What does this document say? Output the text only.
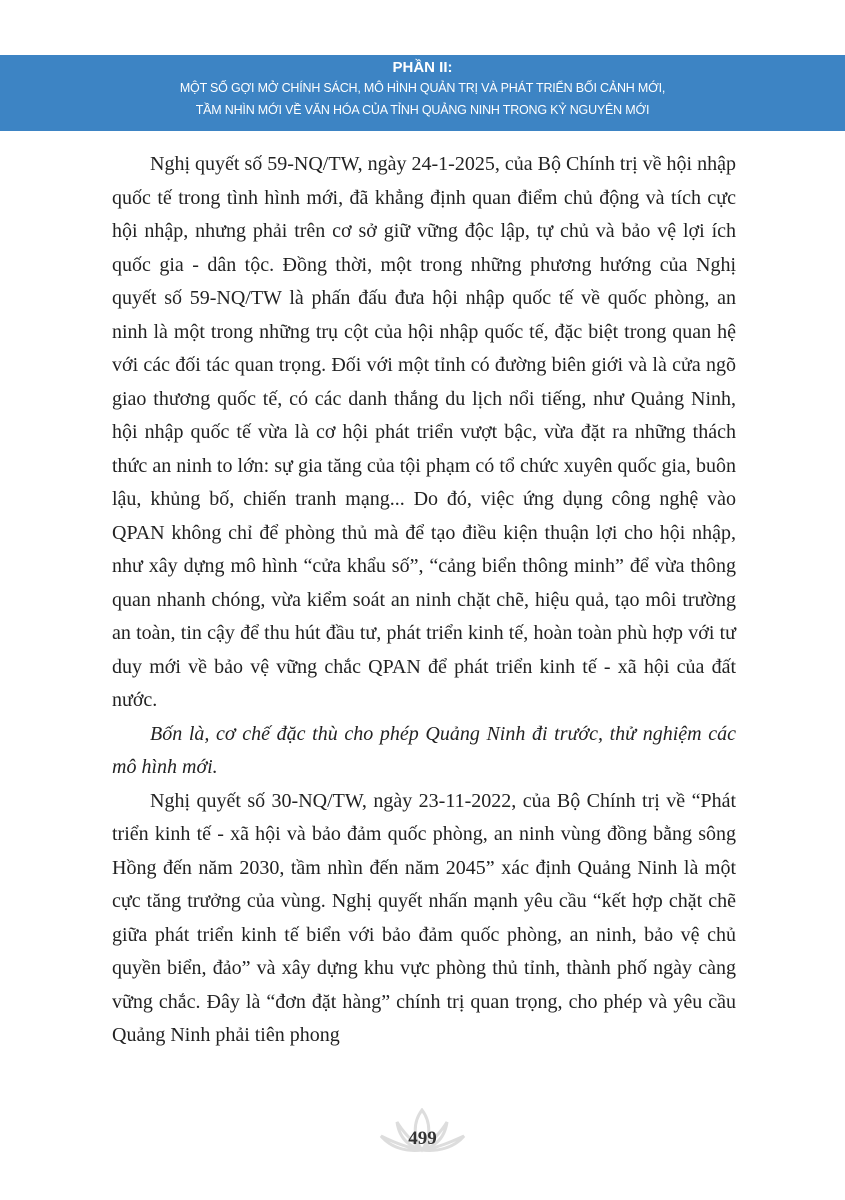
PHẦN II:
MỘT SỐ GỢI MỞ CHÍNH SÁCH, MÔ HÌNH QUẢN TRỊ VÀ PHÁT TRIỂN BỐI CẢNH MỚI,
TẦM NHÌN MỚI VỀ VĂN HÓA CỦA TỈNH QUẢNG NINH TRONG KỶ NGUYÊN MỚI

Nghị quyết số 59-NQ/TW, ngày 24-1-2025, của Bộ Chính trị về hội nhập quốc tế trong tình hình mới, đã khẳng định quan điểm chủ động và tích cực hội nhập, nhưng phải trên cơ sở giữ vững độc lập, tự chủ và bảo vệ lợi ích quốc gia - dân tộc. Đồng thời, một trong những phương hướng của Nghị quyết số 59-NQ/TW là phấn đấu đưa hội nhập quốc tế về quốc phòng, an ninh là một trong những trụ cột của hội nhập quốc tế, đặc biệt trong quan hệ với các đối tác quan trọng. Đối với một tỉnh có đường biên giới và là cửa ngõ giao thương quốc tế, có các danh thắng du lịch nổi tiếng, như Quảng Ninh, hội nhập quốc tế vừa là cơ hội phát triển vượt bậc, vừa đặt ra những thách thức an ninh to lớn: sự gia tăng của tội phạm có tổ chức xuyên quốc gia, buôn lậu, khủng bố, chiến tranh mạng... Do đó, việc ứng dụng công nghệ vào QPAN không chỉ để phòng thủ mà để tạo điều kiện thuận lợi cho hội nhập, như xây dựng mô hình “cửa khẩu số”, “cảng biển thông minh” để vừa thông quan nhanh chóng, vừa kiểm soát an ninh chặt chẽ, hiệu quả, tạo môi trường an toàn, tin cậy để thu hút đầu tư, phát triển kinh tế, hoàn toàn phù hợp với tư duy mới về bảo vệ vững chắc QPAN để phát triển kinh tế - xã hội của đất nước.

Bốn là, cơ chế đặc thù cho phép Quảng Ninh đi trước, thử nghiệm các mô hình mới.

Nghị quyết số 30-NQ/TW, ngày 23-11-2022, của Bộ Chính trị về “Phát triển kinh tế - xã hội và bảo đảm quốc phòng, an ninh vùng đồng bằng sông Hồng đến năm 2030, tầm nhìn đến năm 2045” xác định Quảng Ninh là một cực tăng trưởng của vùng. Nghị quyết nhấn mạnh yêu cầu “kết hợp chặt chẽ giữa phát triển kinh tế biển với bảo đảm quốc phòng, an ninh, bảo vệ chủ quyền biển, đảo” và xây dựng khu vực phòng thủ tỉnh, thành phố ngày càng vững chắc. Đây là “đơn đặt hàng” chính trị quan trọng, cho phép và yêu cầu Quảng Ninh phải tiên phong

499
